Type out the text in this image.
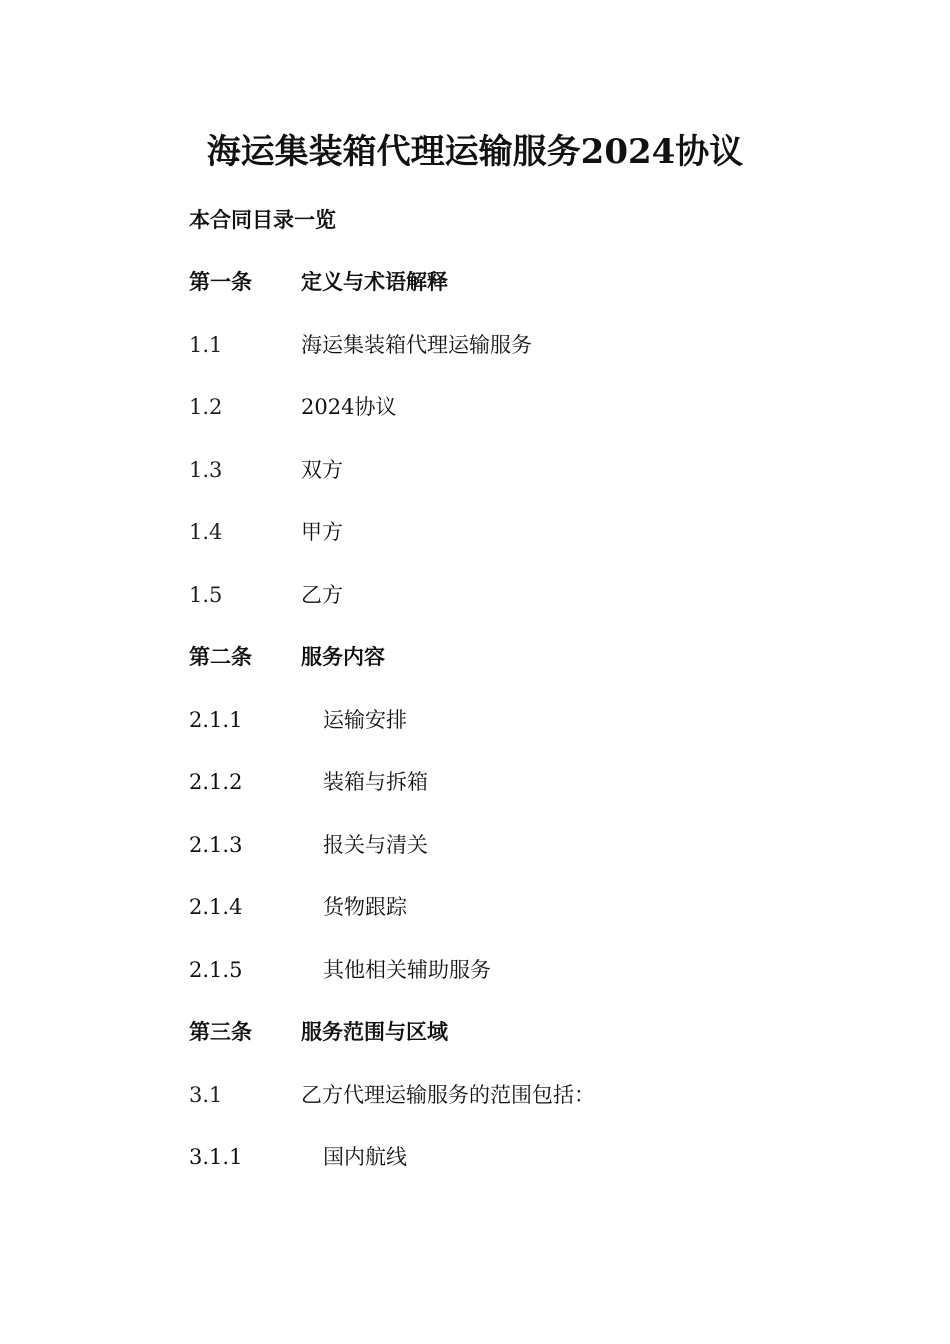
海运集装箱代理运输服务2024协议
本合同目录一览
第一条	定义与术语解释
1.1	海运集装箱代理运输服务
1.2	2024协议
1.3	双方
1.4	甲方
1.5	乙方
第二条	服务内容
2.1.1	运输安排
2.1.2	装箱与拆箱
2.1.3	报关与清关
2.1.4	货物跟踪
2.1.5	其他相关辅助服务
第三条	服务范围与区域
3.1	乙方代理运输服务的范围包括：
3.1.1	国内航线
